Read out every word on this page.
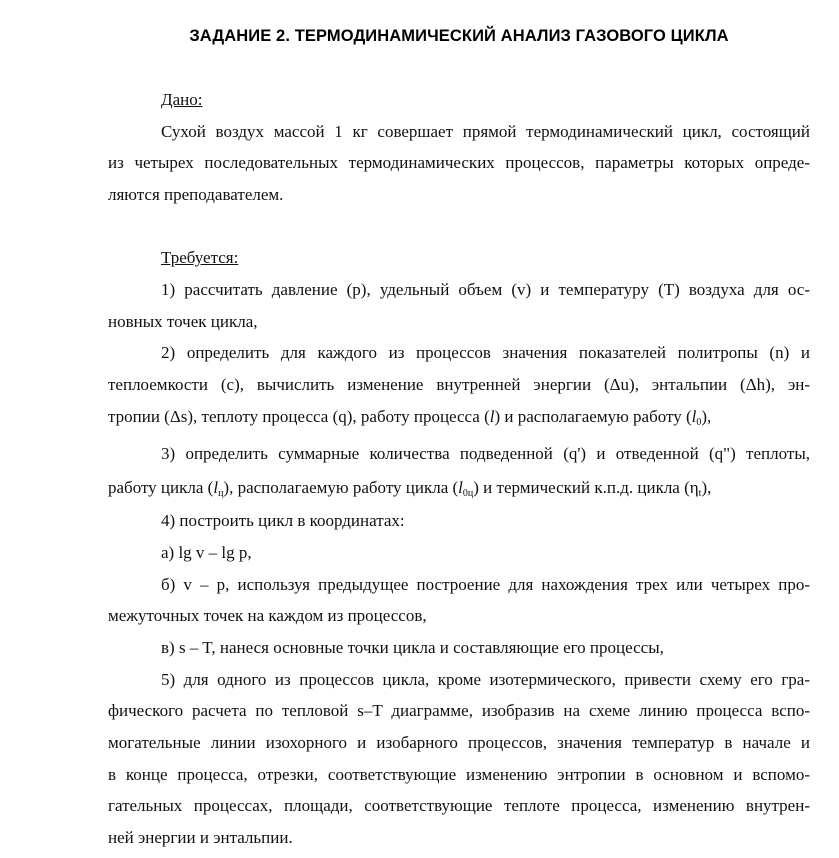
ЗАДАНИЕ 2. ТЕРМОДИНАМИЧЕСКИЙ АНАЛИЗ ГАЗОВОГО ЦИКЛА
Дано:
Сухой воздух массой 1 кг совершает прямой термодинамический цикл, состоящий
из четырех последовательных термодинамических процессов, параметры которых опреде-
ляются преподавателем.
Требуется:
1) рассчитать давление (p), удельный объем (v) и температуру (T) воздуха для ос-
новных точек цикла,
2) определить для каждого из процессов значения показателей политропы (n) и
теплоемкости (c), вычислить изменение внутренней энергии (Δu), энтальпии (Δh), эн-
тропии (Δs), теплоту процесса (q), работу процесса (l) и располагаемую работу $(l_0)$,
3) определить суммарные количества подведенной (q') и отведенной (q") теплоты,
работу цикла $(l_ц)$, располагаемую работу цикла $(l_{0ц})$ и термический к.п.д. цикла $(\eta_t)$,
4) построить цикл в координатах:
а) lg v – lg p,
б) v – p, используя предыдущее построение для нахождения трех или четырех про-
межуточных точек на каждом из процессов,
в) s – T, нанеся основные точки цикла и составляющие его процессы,
5) для одного из процессов цикла, кроме изотермического, привести схему его гра-
фического расчета по тепловой s–T диаграмме, изобразив на схеме линию процесса вспо-
могательные линии изохорного и изобарного процессов, значения температур в начале и
в конце процесса, отрезки, соответствующие изменению энтропии в основном и вспомо-
гательных процессах, площади, соответствующие теплоте процесса, изменению внутрен-
ней энергии и энтальпии.
